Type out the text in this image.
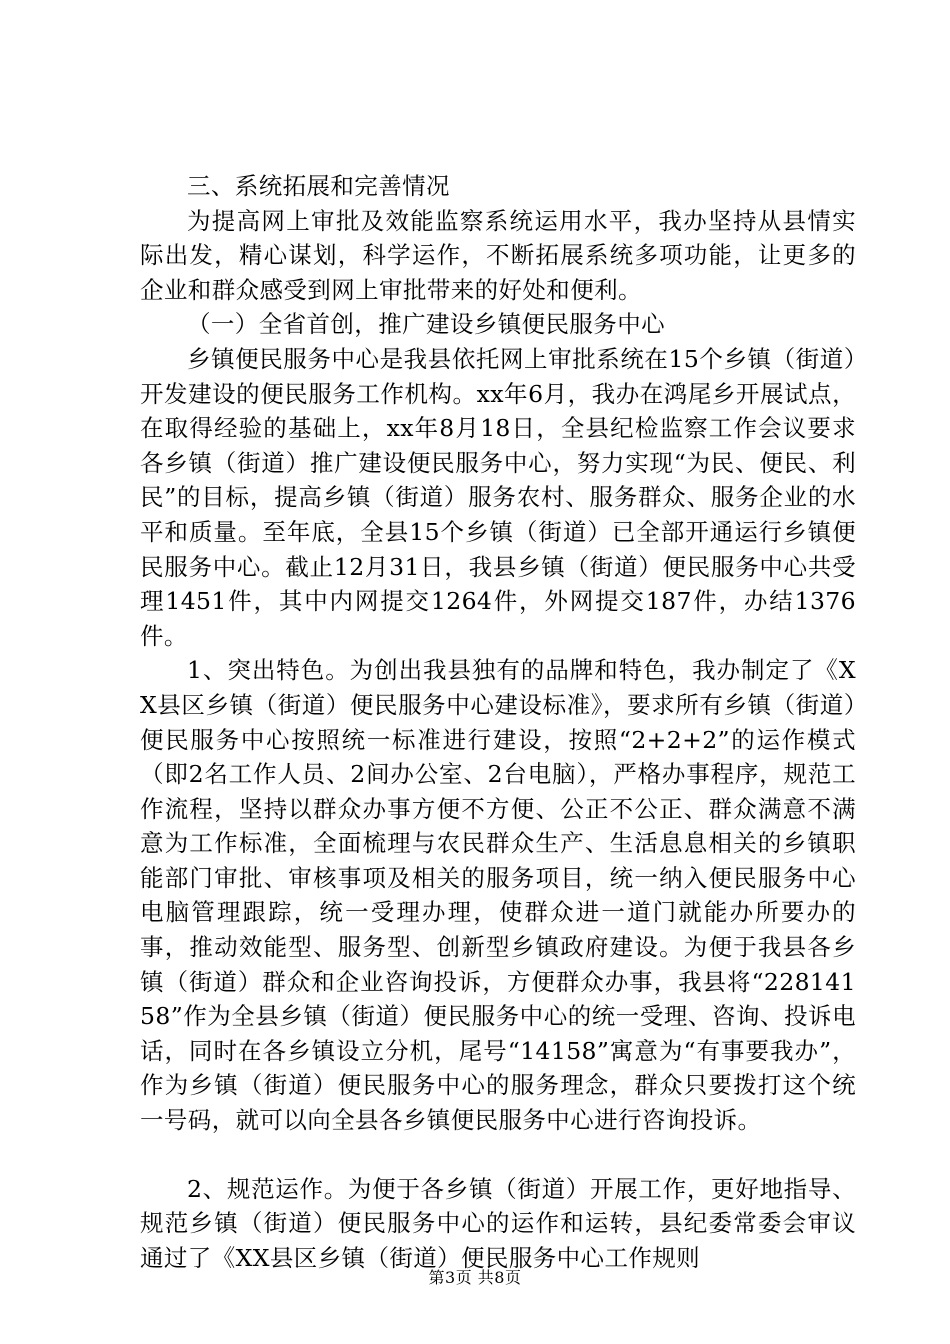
三、系统拓展和完善情况

为提高网上审批及效能监察系统运用水平，我办坚持从县情实际出发，精心谋划，科学运作，不断拓展系统多项功能，让更多的企业和群众感受到网上审批带来的好处和便利。

（一）全省首创，推广建设乡镇便民服务中心

乡镇便民服务中心是我县依托网上审批系统在15个乡镇（街道）开发建设的便民服务工作机构。xx年6月，我办在鸿尾乡开展试点，在取得经验的基础上，xx年8月18日，全县纪检监察工作会议要求各乡镇（街道）推广建设便民服务中心，努力实现“为民、便民、利民”的目标，提高乡镇（街道）服务农村、服务群众、服务企业的水平和质量。至年底，全县15个乡镇（街道）已全部开通运行乡镇便民服务中心。截止12月31日，我县乡镇（街道）便民服务中心共受理1451件，其中内网提交1264件，外网提交187件，办结1376件。

1、突出特色。为创出我县独有的品牌和特色，我办制定了《XX县区乡镇（街道）便民服务中心建设标准》，要求所有乡镇（街道）便民服务中心按照统一标准进行建设，按照“2+2+2”的运作模式（即2名工作人员、2间办公室、2台电脑），严格办事程序，规范工作流程，坚持以群众办事方便不方便、公正不公正、群众满意不满意为工作标准，全面梳理与农民群众生产、生活息息相关的乡镇职能部门审批、审核事项及相关的服务项目，统一纳入便民服务中心电脑管理跟踪，统一受理办理，使群众进一道门就能办所要办的事，推动效能型、服务型、创新型乡镇政府建设。为便于我县各乡镇（街道）群众和企业咨询投诉，方便群众办事，我县将“22814158”作为全县乡镇（街道）便民服务中心的统一受理、咨询、投诉电话，同时在各乡镇设立分机，尾号“14158”寓意为“有事要我办”，作为乡镇（街道）便民服务中心的服务理念，群众只要拨打这个统一号码，就可以向全县各乡镇便民服务中心进行咨询投诉。

2、规范运作。为便于各乡镇（街道）开展工作，更好地指导、规范乡镇（街道）便民服务中心的运作和运转，县纪委常委会审议通过了《XX县区乡镇（街道）便民服务中心工作规则

第3页 共8页
